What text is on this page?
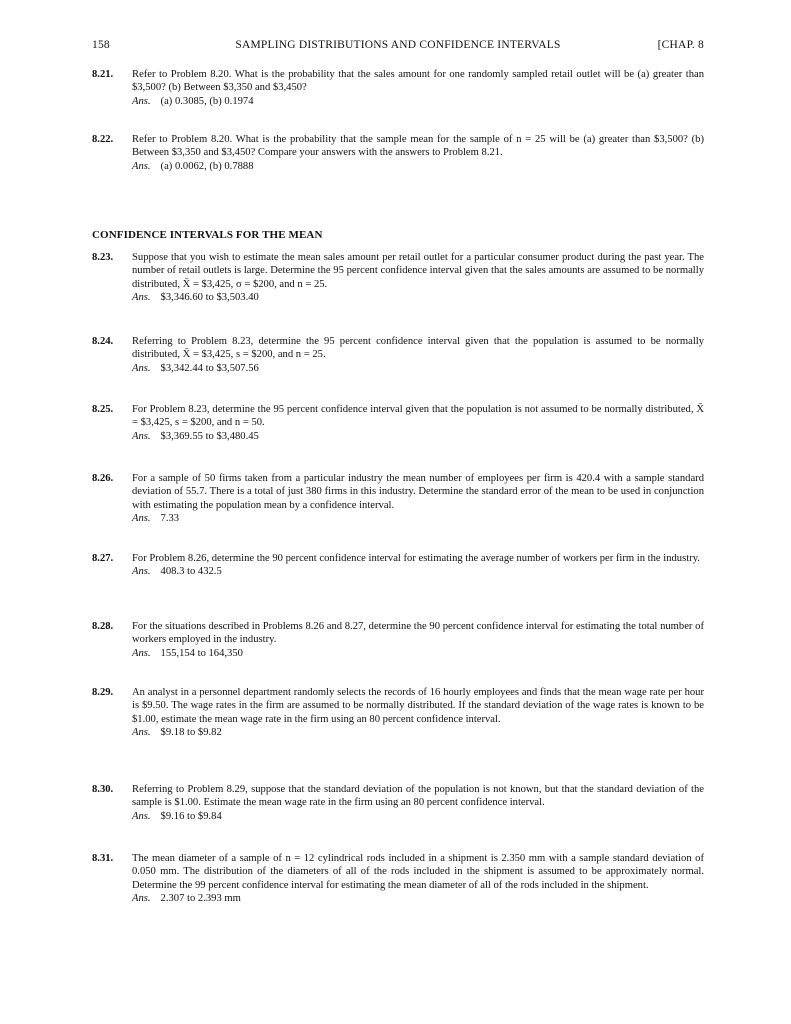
158	SAMPLING DISTRIBUTIONS AND CONFIDENCE INTERVALS	[CHAP. 8
8.21. Refer to Problem 8.20. What is the probability that the sales amount for one randomly sampled retail outlet will be (a) greater than $3,500? (b) Between $3,350 and $3,450?
Ans. (a) 0.3085, (b) 0.1974
8.22. Refer to Problem 8.20. What is the probability that the sample mean for the sample of n = 25 will be (a) greater than $3,500? (b) Between $3,350 and $3,450? Compare your answers with the answers to Problem 8.21.
Ans. (a) 0.0062, (b) 0.7888
CONFIDENCE INTERVALS FOR THE MEAN
8.23. Suppose that you wish to estimate the mean sales amount per retail outlet for a particular consumer product during the past year. The number of retail outlets is large. Determine the 95 percent confidence interval given that the sales amounts are assumed to be normally distributed, X̄ = $3,425, σ = $200, and n = 25.
Ans. $3,346.60 to $3,503.40
8.24. Referring to Problem 8.23, determine the 95 percent confidence interval given that the population is assumed to be normally distributed, X̄ = $3,425, s = $200, and n = 25.
Ans. $3,342.44 to $3,507.56
8.25. For Problem 8.23, determine the 95 percent confidence interval given that the population is not assumed to be normally distributed, X̄ = $3,425, s = $200, and n = 50.
Ans. $3,369.55 to $3,480.45
8.26. For a sample of 50 firms taken from a particular industry the mean number of employees per firm is 420.4 with a sample standard deviation of 55.7. There is a total of just 380 firms in this industry. Determine the standard error of the mean to be used in conjunction with estimating the population mean by a confidence interval.
Ans. 7.33
8.27. For Problem 8.26, determine the 90 percent confidence interval for estimating the average number of workers per firm in the industry.
Ans. 408.3 to 432.5
8.28. For the situations described in Problems 8.26 and 8.27, determine the 90 percent confidence interval for estimating the total number of workers employed in the industry.
Ans. 155,154 to 164,350
8.29. An analyst in a personnel department randomly selects the records of 16 hourly employees and finds that the mean wage rate per hour is $9.50. The wage rates in the firm are assumed to be normally distributed. If the standard deviation of the wage rates is known to be $1.00, estimate the mean wage rate in the firm using an 80 percent confidence interval.
Ans. $9.18 to $9.82
8.30. Referring to Problem 8.29, suppose that the standard deviation of the population is not known, but that the standard deviation of the sample is $1.00. Estimate the mean wage rate in the firm using an 80 percent confidence interval.
Ans. $9.16 to $9.84
8.31. The mean diameter of a sample of n = 12 cylindrical rods included in a shipment is 2.350 mm with a sample standard deviation of 0.050 mm. The distribution of the diameters of all of the rods included in the shipment is assumed to be approximately normal. Determine the 99 percent confidence interval for estimating the mean diameter of all of the rods included in the shipment.
Ans. 2.307 to 2.393 mm
